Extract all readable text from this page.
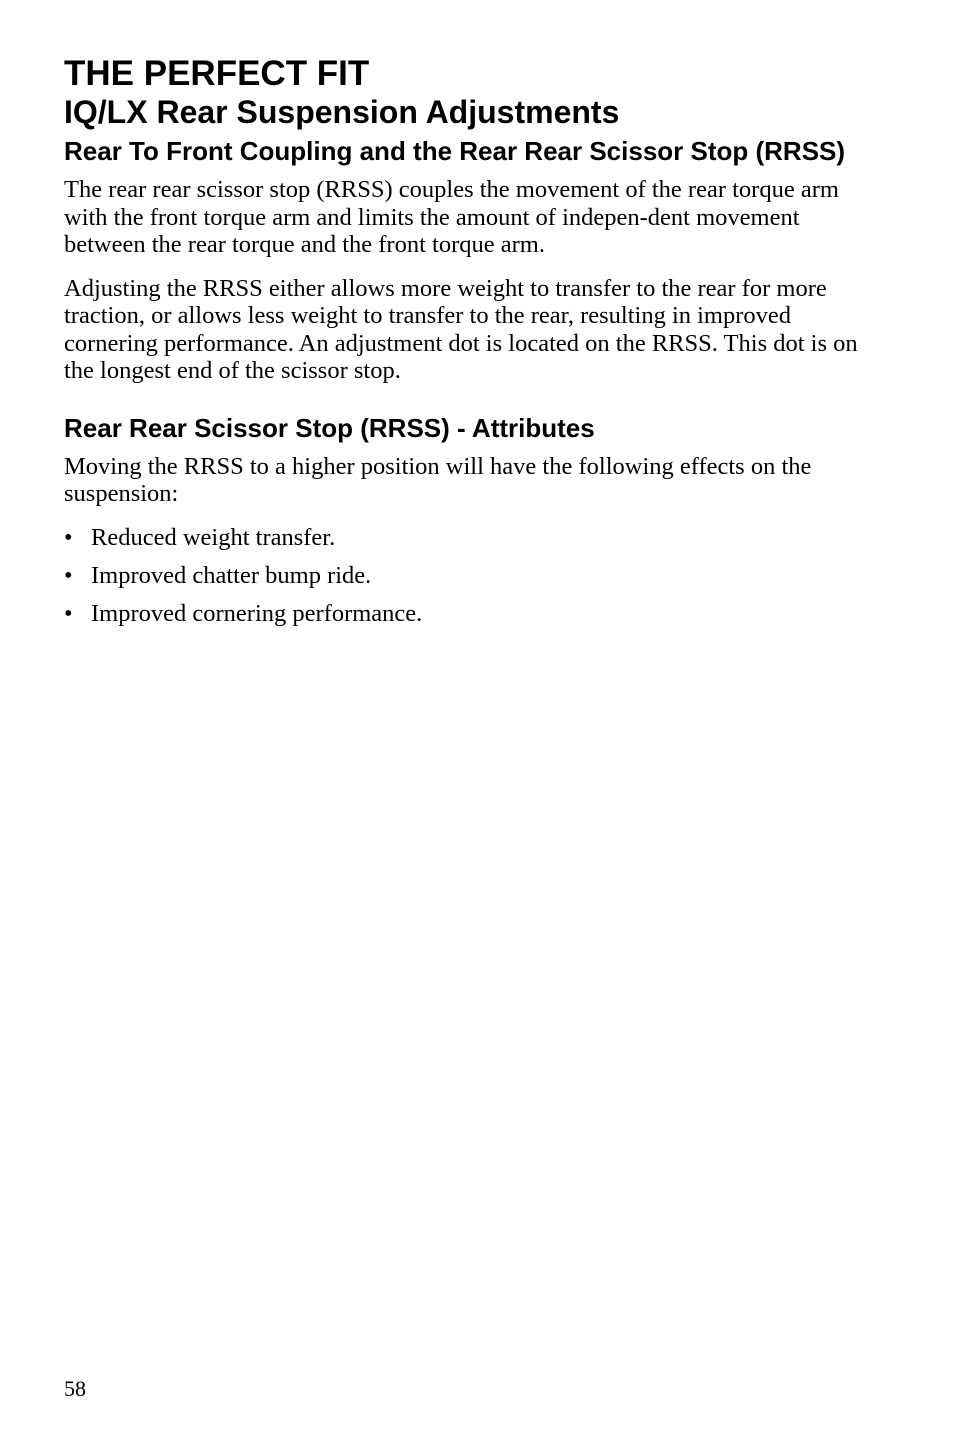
THE PERFECT FIT
IQ/LX Rear Suspension Adjustments
Rear To Front Coupling and the Rear Rear Scissor Stop (RRSS)

The rear rear scissor stop (RRSS) couples the movement of the rear torque arm with the front torque arm and limits the amount of indepen-dent movement between the rear torque and the front torque arm.

Adjusting the RRSS either allows more weight to transfer to the rear for more traction, or allows less weight to transfer to the rear, resulting in improved cornering performance. An adjustment dot is located on the RRSS. This dot is on the longest end of the scissor stop.

Rear Rear Scissor Stop (RRSS) - Attributes

Moving the RRSS to a higher position will have the following effects on the suspension:

• Reduced weight transfer.
• Improved chatter bump ride.
• Improved cornering performance.
58
